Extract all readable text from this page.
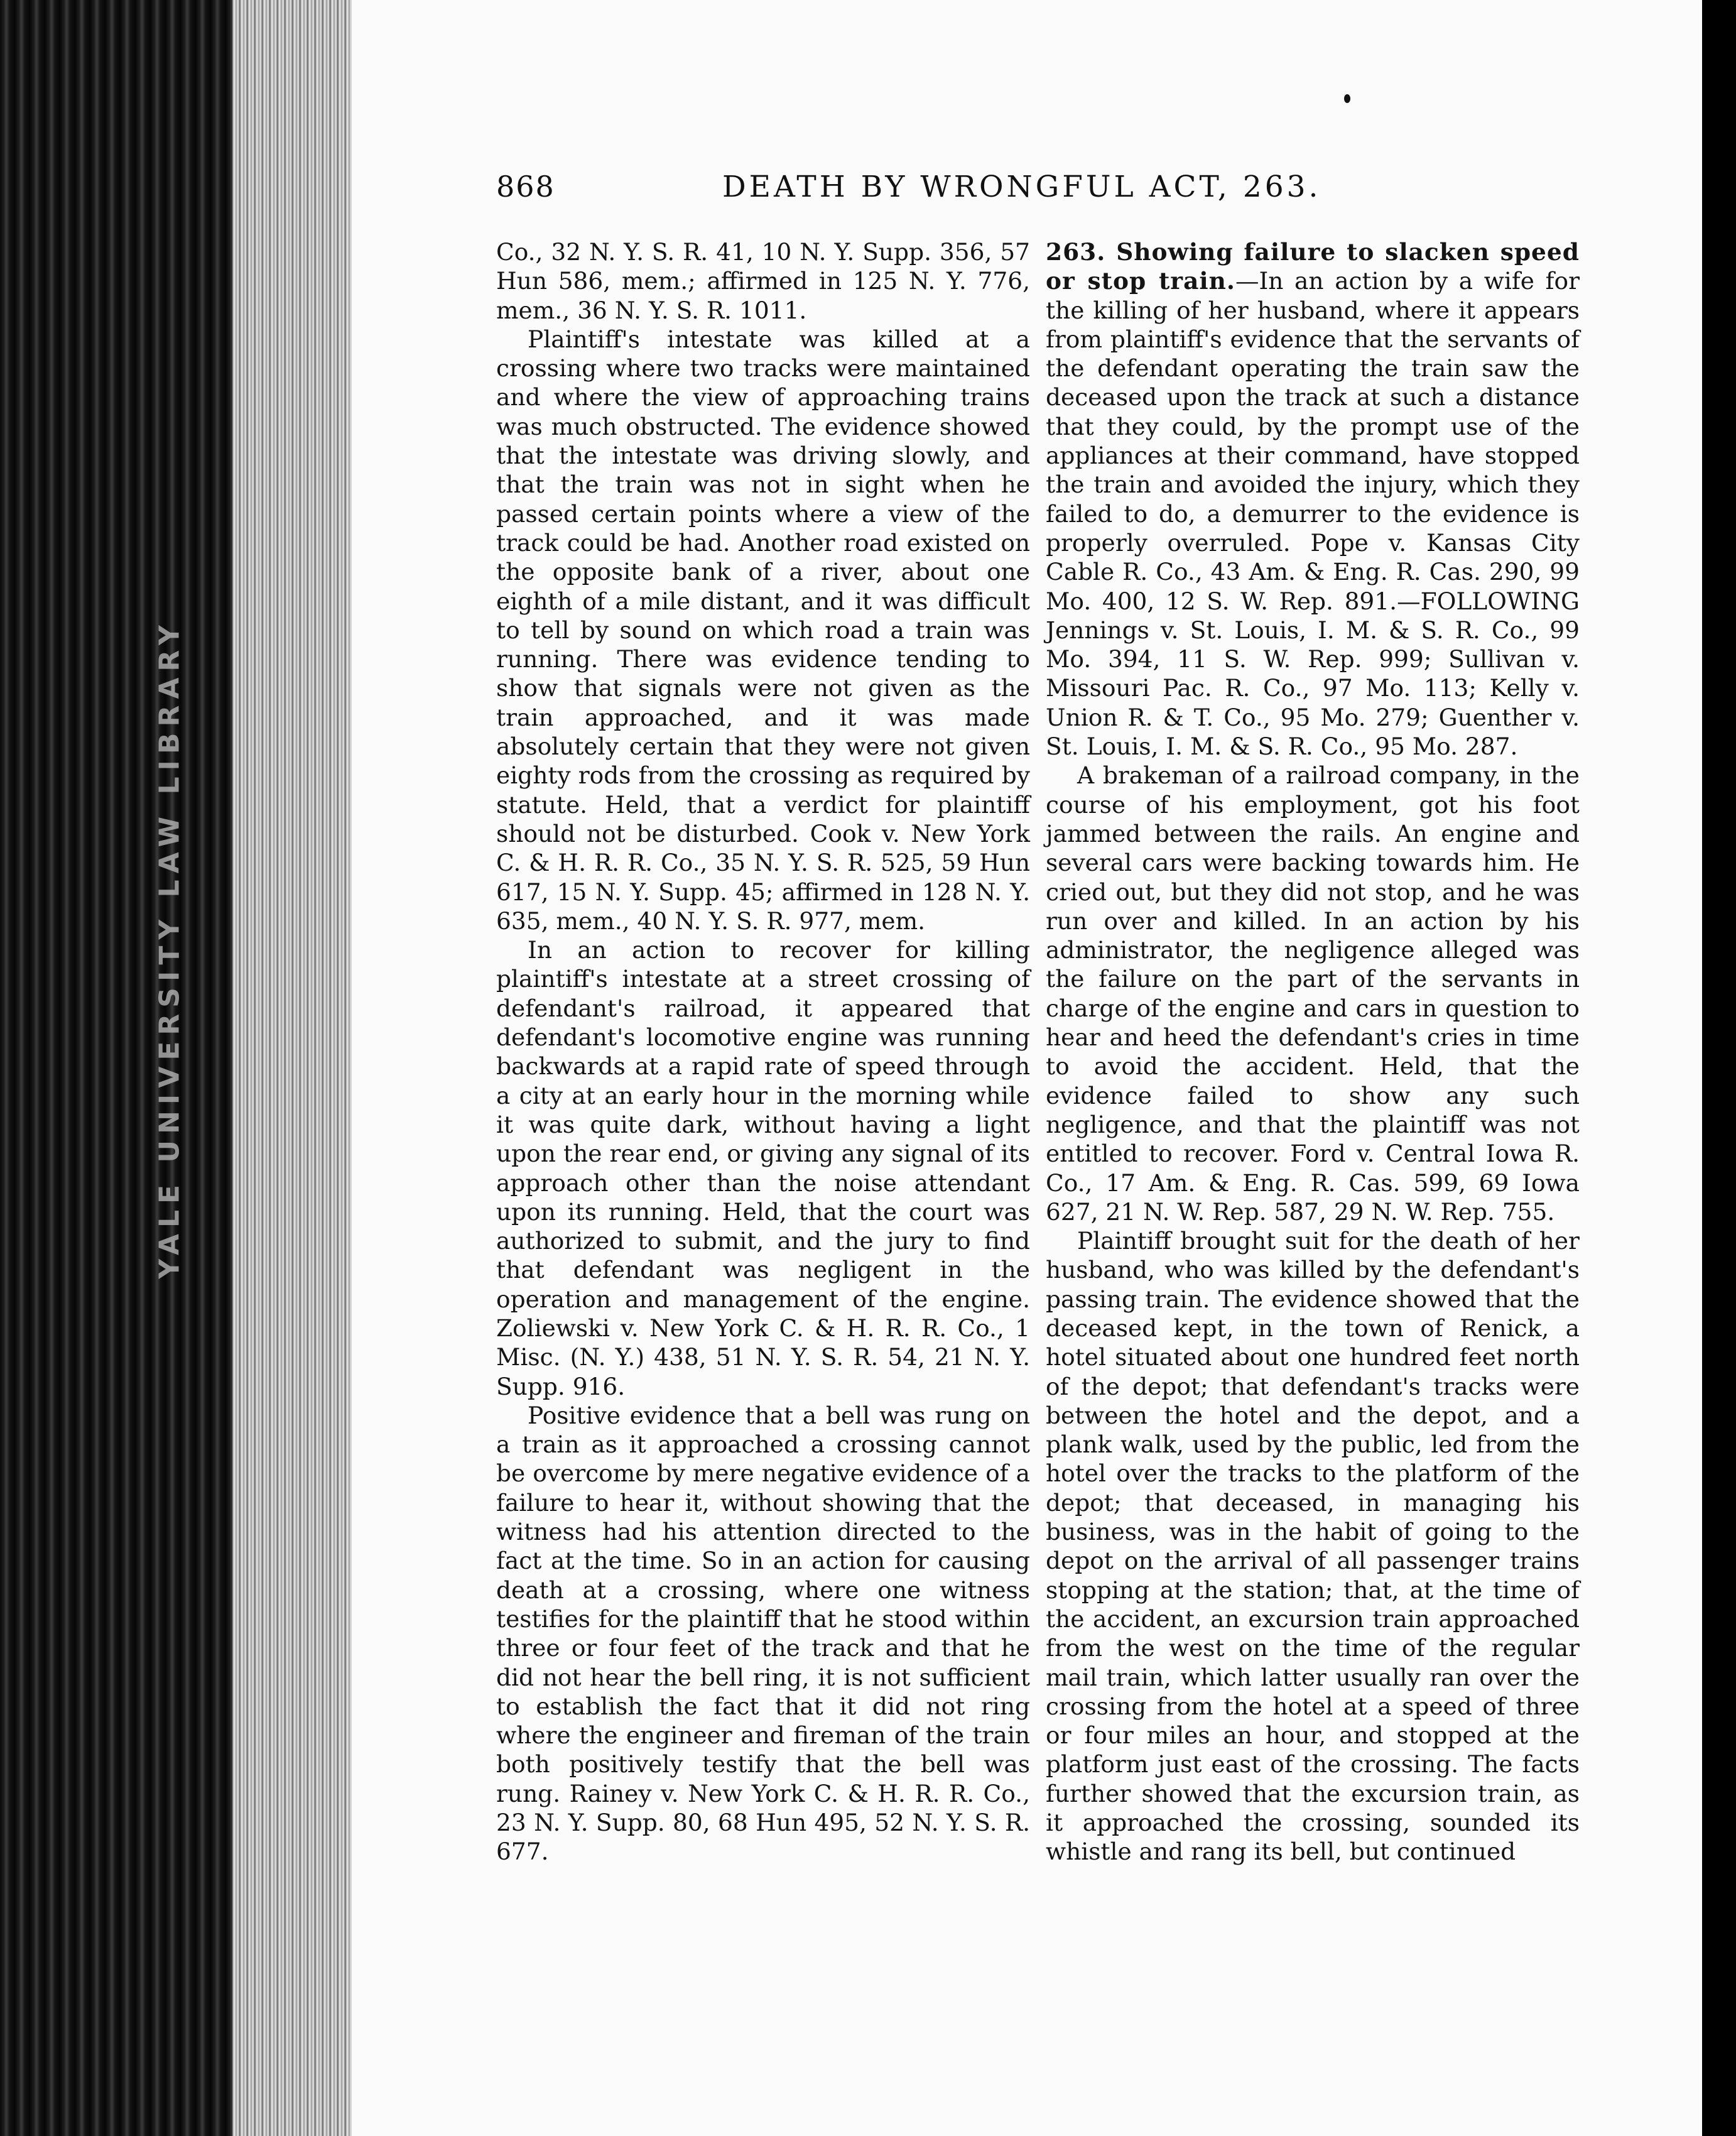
YALE UNIVERSITY LAW LIBRARY
868	DEATH BY WRONGFUL ACT, 263.

Co., 32 N. Y. S. R. 41, 10 N. Y. Supp. 356, 57 Hun 586, mem.; affirmed in 125 N. Y. 776, mem., 36 N. Y. S. R. 1011.

Plaintiff's intestate was killed at a crossing where two tracks were maintained and where the view of approaching trains was much obstructed. The evidence showed that the intestate was driving slowly, and that the train was not in sight when he passed certain points where a view of the track could be had. Another road existed on the opposite bank of a river, about one eighth of a mile distant, and it was difficult to tell by sound on which road a train was running. There was evidence tending to show that signals were not given as the train approached, and it was made absolutely certain that they were not given eighty rods from the crossing as required by statute. Held, that a verdict for plaintiff should not be disturbed. Cook v. New York C. & H. R. R. Co., 35 N. Y. S. R. 525, 59 Hun 617, 15 N. Y. Supp. 45; affirmed in 128 N. Y. 635, mem., 40 N. Y. S. R. 977, mem.

In an action to recover for killing plaintiff's intestate at a street crossing of defendant's railroad, it appeared that defendant's locomotive engine was running backwards at a rapid rate of speed through a city at an early hour in the morning while it was quite dark, without having a light upon the rear end, or giving any signal of its approach other than the noise attendant upon its running. Held, that the court was authorized to submit, and the jury to find that defendant was negligent in the operation and management of the engine. Zoliewski v. New York C. & H. R. R. Co., 1 Misc. (N. Y.) 438, 51 N. Y. S. R. 54, 21 N. Y. Supp. 916.

Positive evidence that a bell was rung on a train as it approached a crossing cannot be overcome by mere negative evidence of a failure to hear it, without showing that the witness had his attention directed to the fact at the time. So in an action for causing death at a crossing, where one witness testifies for the plaintiff that he stood within three or four feet of the track and that he did not hear the bell ring, it is not sufficient to establish the fact that it did not ring where the engineer and fireman of the train both positively testify that the bell was rung. Rainey v. New York C. & H. R. R. Co., 23 N. Y. Supp. 80, 68 Hun 495, 52 N. Y. S. R. 677.

263. Showing failure to slacken speed or stop train.—In an action by a wife for the killing of her husband, where it appears from plaintiff's evidence that the servants of the defendant operating the train saw the deceased upon the track at such a distance that they could, by the prompt use of the appliances at their command, have stopped the train and avoided the injury, which they failed to do, a demurrer to the evidence is properly overruled. Pope v. Kansas City Cable R. Co., 43 Am. & Eng. R. Cas. 290, 99 Mo. 400, 12 S. W. Rep. 891.—FOLLOWING Jennings v. St. Louis, I. M. & S. R. Co., 99 Mo. 394, 11 S. W. Rep. 999; Sullivan v. Missouri Pac. R. Co., 97 Mo. 113; Kelly v. Union R. & T. Co., 95 Mo. 279; Guenther v. St. Louis, I. M. & S. R. Co., 95 Mo. 287.

A brakeman of a railroad company, in the course of his employment, got his foot jammed between the rails. An engine and several cars were backing towards him. He cried out, but they did not stop, and he was run over and killed. In an action by his administrator, the negligence alleged was the failure on the part of the servants in charge of the engine and cars in question to hear and heed the defendant's cries in time to avoid the accident. Held, that the evidence failed to show any such negligence, and that the plaintiff was not entitled to recover. Ford v. Central Iowa R. Co., 17 Am. & Eng. R. Cas. 599, 69 Iowa 627, 21 N. W. Rep. 587, 29 N. W. Rep. 755.

Plaintiff brought suit for the death of her husband, who was killed by the defendant's passing train. The evidence showed that the deceased kept, in the town of Renick, a hotel situated about one hundred feet north of the depot; that defendant's tracks were between the hotel and the depot, and a plank walk, used by the public, led from the hotel over the tracks to the platform of the depot; that deceased, in managing his business, was in the habit of going to the depot on the arrival of all passenger trains stopping at the station; that, at the time of the accident, an excursion train approached from the west on the time of the regular mail train, which latter usually ran over the crossing from the hotel at a speed of three or four miles an hour, and stopped at the platform just east of the crossing. The facts further showed that the excursion train, as it approached the crossing, sounded its whistle and rang its bell, but continued
